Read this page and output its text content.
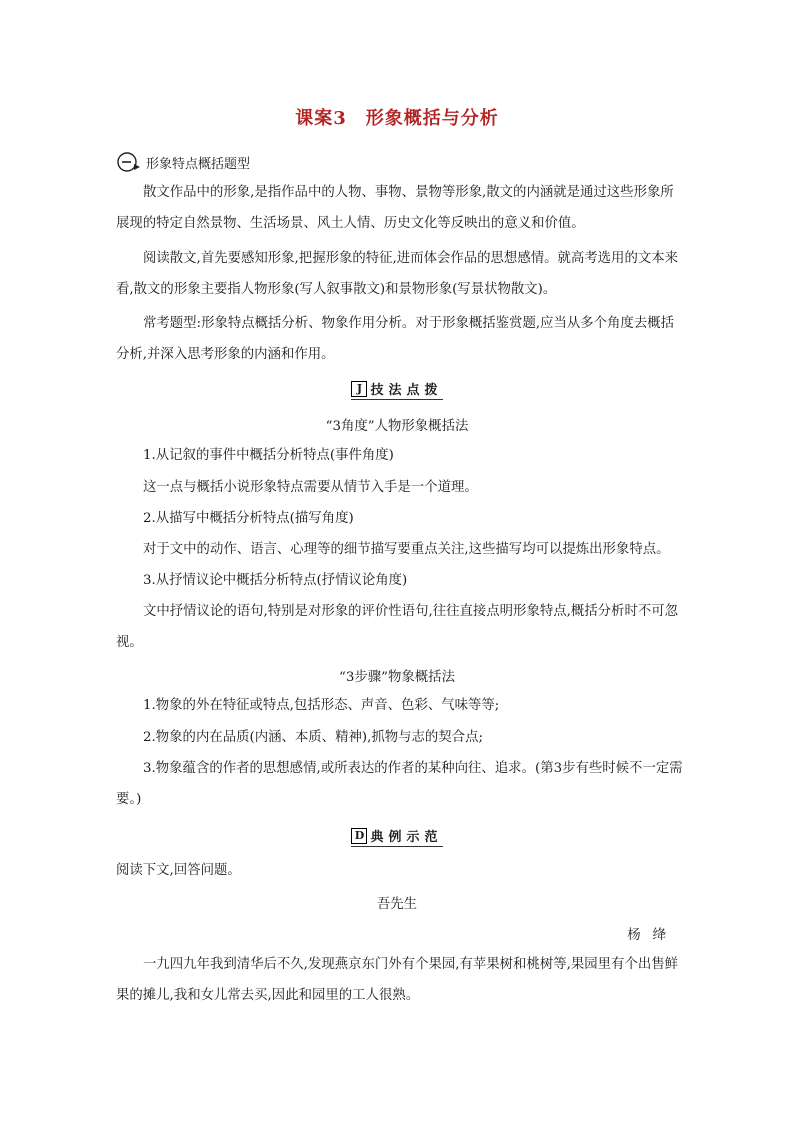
课案3　形象概括与分析
形象特点概括题型

散文作品中的形象,是指作品中的人物、事物、景物等形象,散文的内涵就是通过这些形象所展现的特定自然景物、生活场景、风土人情、历史文化等反映出的意义和价值。

阅读散文,首先要感知形象,把握形象的特征,进而体会作品的思想感情。就高考选用的文本来看,散文的形象主要指人物形象(写人叙事散文)和景物形象(写景状物散文)。

常考题型:形象特点概括分析、物象作用分析。对于形象概括鉴赏题,应当从多个角度去概括分析,并深入思考形象的内涵和作用。

J 技法点拨
“3角度”人物形象概括法

1.从记叙的事件中概括分析特点(事件角度)

这一点与概括小说形象特点需要从情节入手是一个道理。

2.从描写中概括分析特点(描写角度)

对于文中的动作、语言、心理等的细节描写要重点关注,这些描写均可以提炼出形象特点。

3.从抒情议论中概括分析特点(抒情议论角度)

文中抒情议论的语句,特别是对形象的评价性语句,往往直接点明形象特点,概括分析时不可忽视。

“3步骤”物象概括法

1.物象的外在特征或特点,包括形态、声音、色彩、气味等等;

2.物象的内在品质(内涵、本质、精神),抓物与志的契合点;

3.物象蕴含的作者的思想感情,或所表达的作者的某种向往、追求。(第3步有些时候不一定需要。)

D 典例示范

阅读下文,回答问题。

吾先生
杨绛

一九四九年我到清华后不久,发现燕京东门外有个果园,有苹果树和桃树等,果园里有个出售鲜果的摊儿,我和女儿常去买,因此和园里的工人很熟。
